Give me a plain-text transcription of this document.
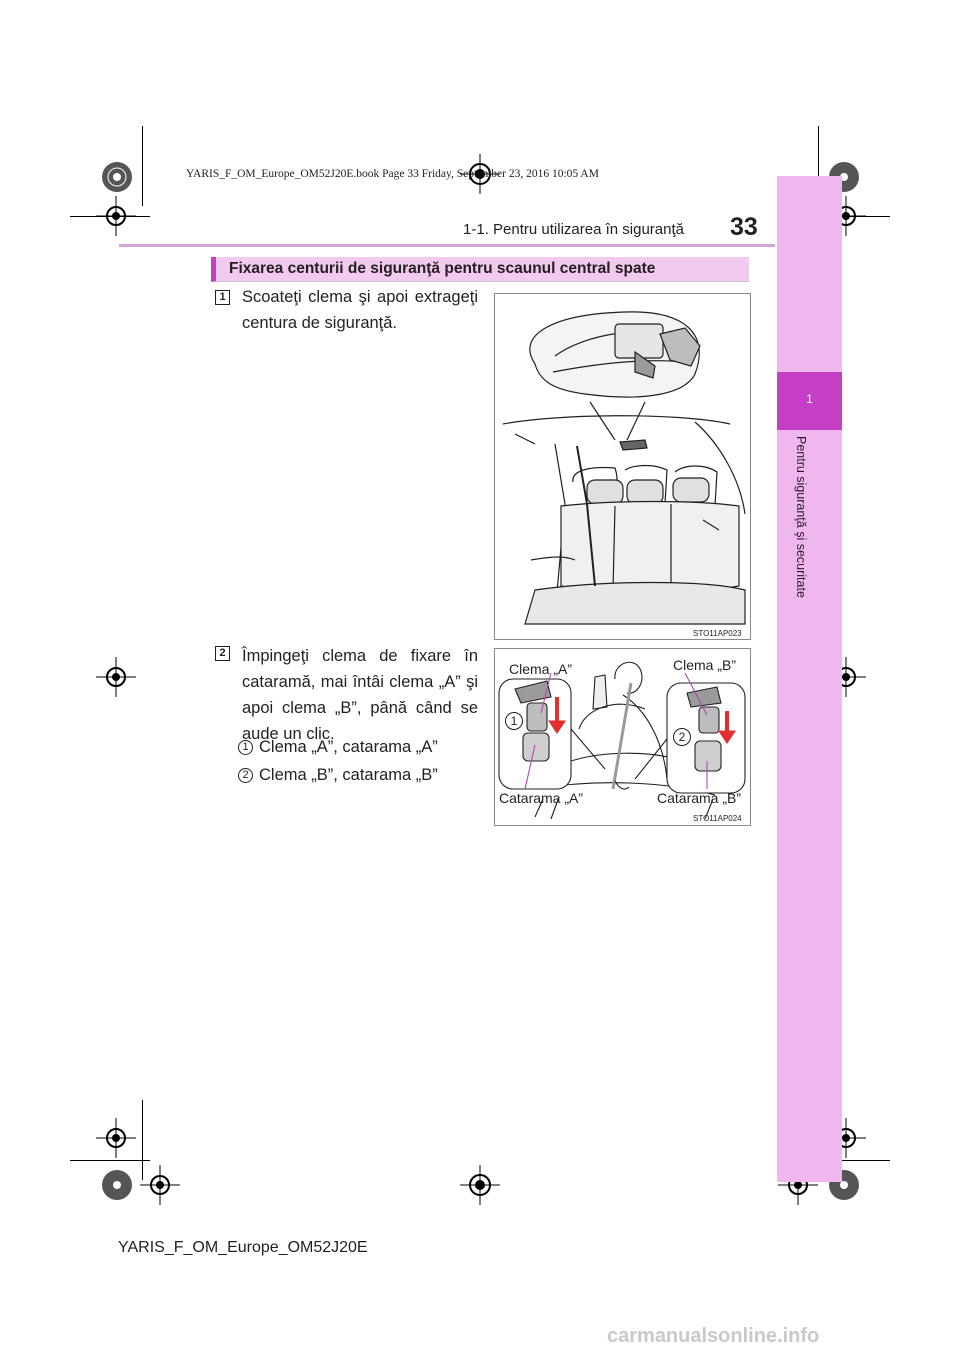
YARIS_F_OM_Europe_OM52J20E.book Page 33 Friday, September 23, 2016 10:05 AM
1
Pentru siguranţă şi securitate
1-1. Pentru utilizarea în siguranţă 33
Fixarea centurii de siguranţă pentru scaunul central spate
1 Scoateţi clema şi apoi extrageţi centura de siguranţă.
STO11AP023
2 Împingeţi clema de fixare în cataramă, mai întâi clema „A” şi apoi clema „B”, până când se aude un clic.
1 Clema „A”, catarama „A”
2 Clema „B”, catarama „B”
Clema „A”	Clema „B”
Catarama „A”	Catarama „B”
1
2
STO11AP024
YARIS_F_OM_Europe_OM52J20E
carmanualsonline.info
